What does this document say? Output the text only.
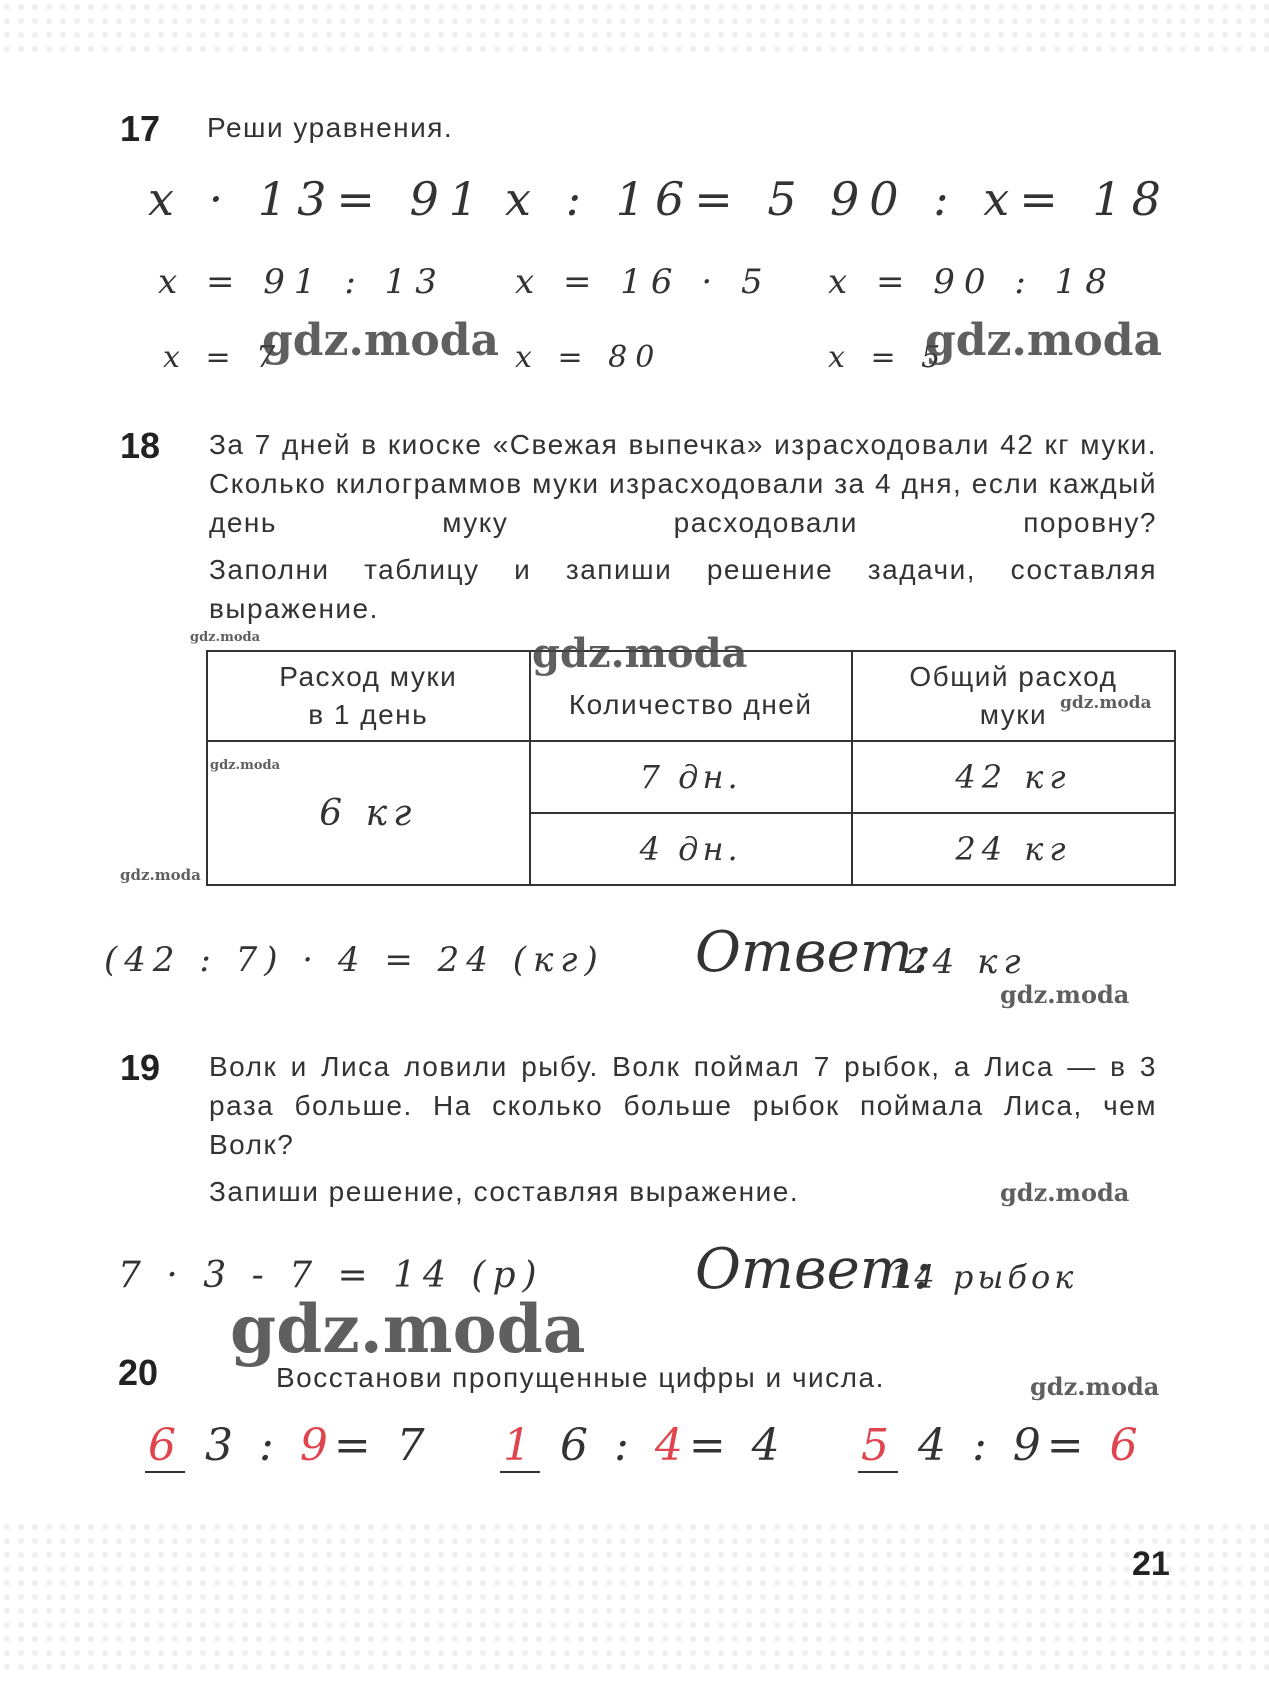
17 Реши уравнения.
x · 13= 91 x : 16= 5 90 : x= 18
x = 91 : 13 x = 16 · 5 x = 90 : 18
x = 7	x = 80	x = 5
gdz.moda	gdz.moda
18 За 7 дней в киоске «Свежая выпечка» израсходовали 42 кг муки. Сколько килограммов муки израсходовали за 4 дня, если каждый день муку расходовали поровну?
Заполни таблицу и запиши решение задачи, составляя выражение.
gdz.moda
Расход муки в 1 день	Количество дней	Общий расход муки

6 кг	7 дн.	42 кг
	4 дн.	24 кг
gdz.moda
gdz.moda
gdz.moda
gdz.moda
(42 : 7) · 4 = 24 (кг) Ответ:
24 кг
gdz.moda
19 Волк и Лиса ловили рыбу. Волк поймал 7 рыбок, а Лиса — в 3 раза больше. На сколько больше рыбок поймала Лиса, чем Волк?
Запиши решение, составляя выражение.	gdz.moda
7 · 3 - 7 = 14 (р)	Ответ:
14 рыбок
gdz.moda
20	Восстанови пропущенные цифры и числа.	gdz.moda
6 3 : 9= 7 1 6 : 4= 4 5 4 : 9= 6
21
